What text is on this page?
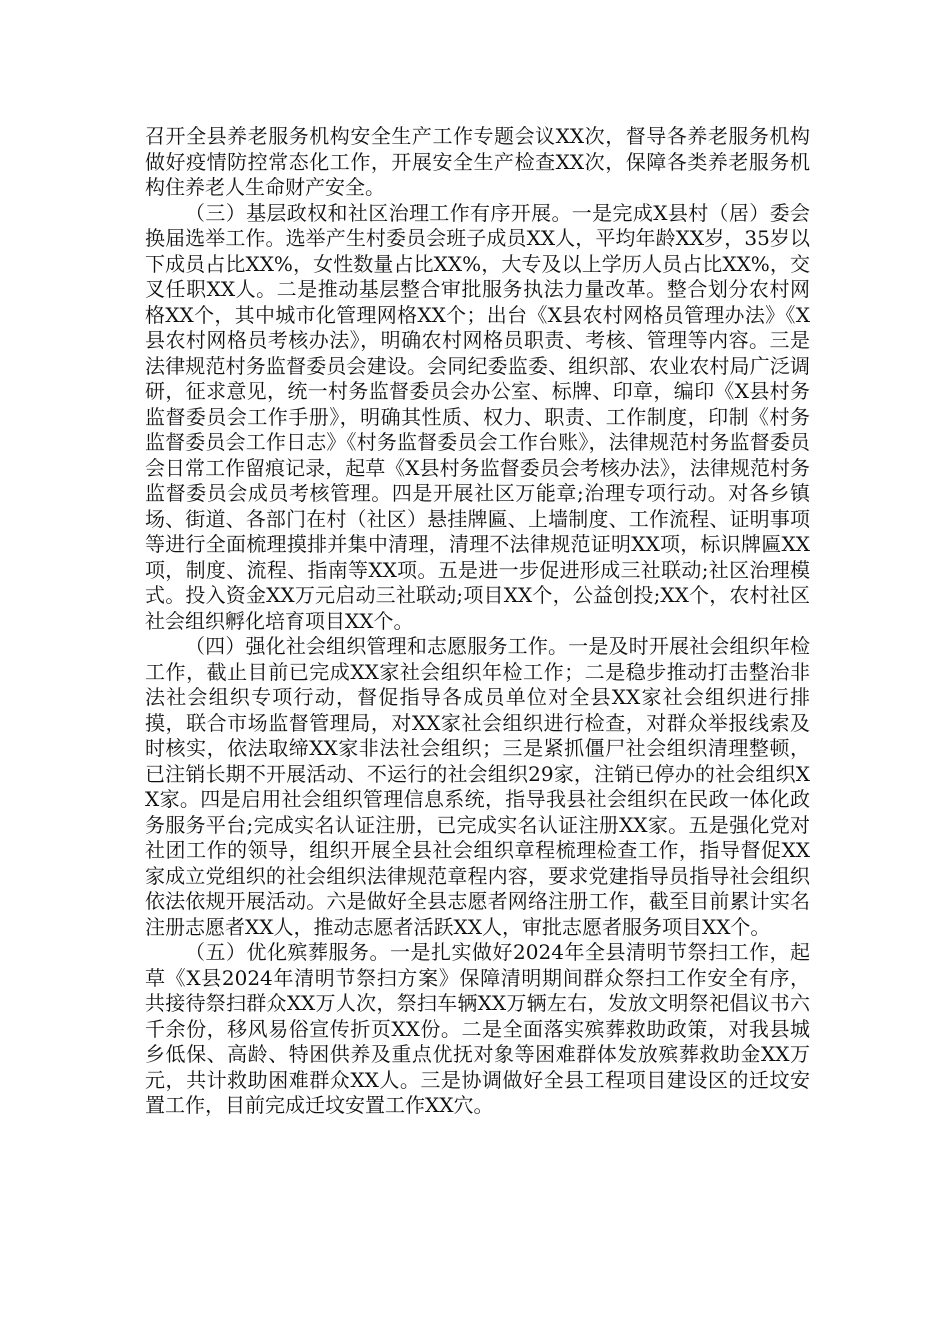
召开全县养老服务机构安全生产工作专题会议XX次，督导各养老服务机构做好疫情防控常态化工作，开展安全生产检查XX次，保障各类养老服务机构住养老人生命财产安全。

（三）基层政权和社区治理工作有序开展。一是完成X县村（居）委会换届选举工作。选举产生村委员会班子成员XX人，平均年龄XX岁，35岁以下成员占比XX%，女性数量占比XX%，大专及以上学历人员占比XX%，交叉任职XX人。二是推动基层整合审批服务执法力量改革。整合划分农村网格XX个，其中城市化管理网格XX个；出台《X县农村网格员管理办法》《X县农村网格员考核办法》，明确农村网格员职责、考核、管理等内容。三是法律规范村务监督委员会建设。会同纪委监委、组织部、农业农村局广泛调研，征求意见，统一村务监督委员会办公室、标牌、印章，编印《X县村务监督委员会工作手册》，明确其性质、权力、职责、工作制度，印制《村务监督委员会工作日志》《村务监督委员会工作台账》，法律规范村务监督委员会日常工作留痕记录，起草《X县村务监督委员会考核办法》，法律规范村务监督委员会成员考核管理。四是开展社区万能章;治理专项行动。对各乡镇场、街道、各部门在村（社区）悬挂牌匾、上墙制度、工作流程、证明事项等进行全面梳理摸排并集中清理，清理不法律规范证明XX项，标识牌匾XX项，制度、流程、指南等XX项。五是进一步促进形成三社联动;社区治理模式。投入资金XX万元启动三社联动;项目XX个，公益创投;XX个，农村社区社会组织孵化培育项目XX个。

（四）强化社会组织管理和志愿服务工作。一是及时开展社会组织年检工作，截止目前已完成XX家社会组织年检工作；二是稳步推动打击整治非法社会组织专项行动，督促指导各成员单位对全县XX家社会组织进行排摸，联合市场监督管理局，对XX家社会组织进行检查，对群众举报线索及时核实，依法取缔XX家非法社会组织；三是紧抓僵尸社会组织清理整顿，已注销长期不开展活动、不运行的社会组织29家，注销已停办的社会组织XX家。四是启用社会组织管理信息系统，指导我县社会组织在民政一体化政务服务平台;完成实名认证注册，已完成实名认证注册XX家。五是强化党对社团工作的领导，组织开展全县社会组织章程梳理检查工作，指导督促XX家成立党组织的社会组织法律规范章程内容，要求党建指导员指导社会组织依法依规开展活动。六是做好全县志愿者网络注册工作，截至目前累计实名注册志愿者XX人，推动志愿者活跃XX人，审批志愿者服务项目XX个。

（五）优化殡葬服务。一是扎实做好2024年全县清明节祭扫工作，起草《X县2024年清明节祭扫方案》保障清明期间群众祭扫工作安全有序，共接待祭扫群众XX万人次，祭扫车辆XX万辆左右，发放文明祭祀倡议书六千余份，移风易俗宣传折页XX份。二是全面落实殡葬救助政策，对我县城乡低保、高龄、特困供养及重点优抚对象等困难群体发放殡葬救助金XX万元，共计救助困难群众XX人。三是协调做好全县工程项目建设区的迁坟安置工作，目前完成迁坟安置工作XX穴。
